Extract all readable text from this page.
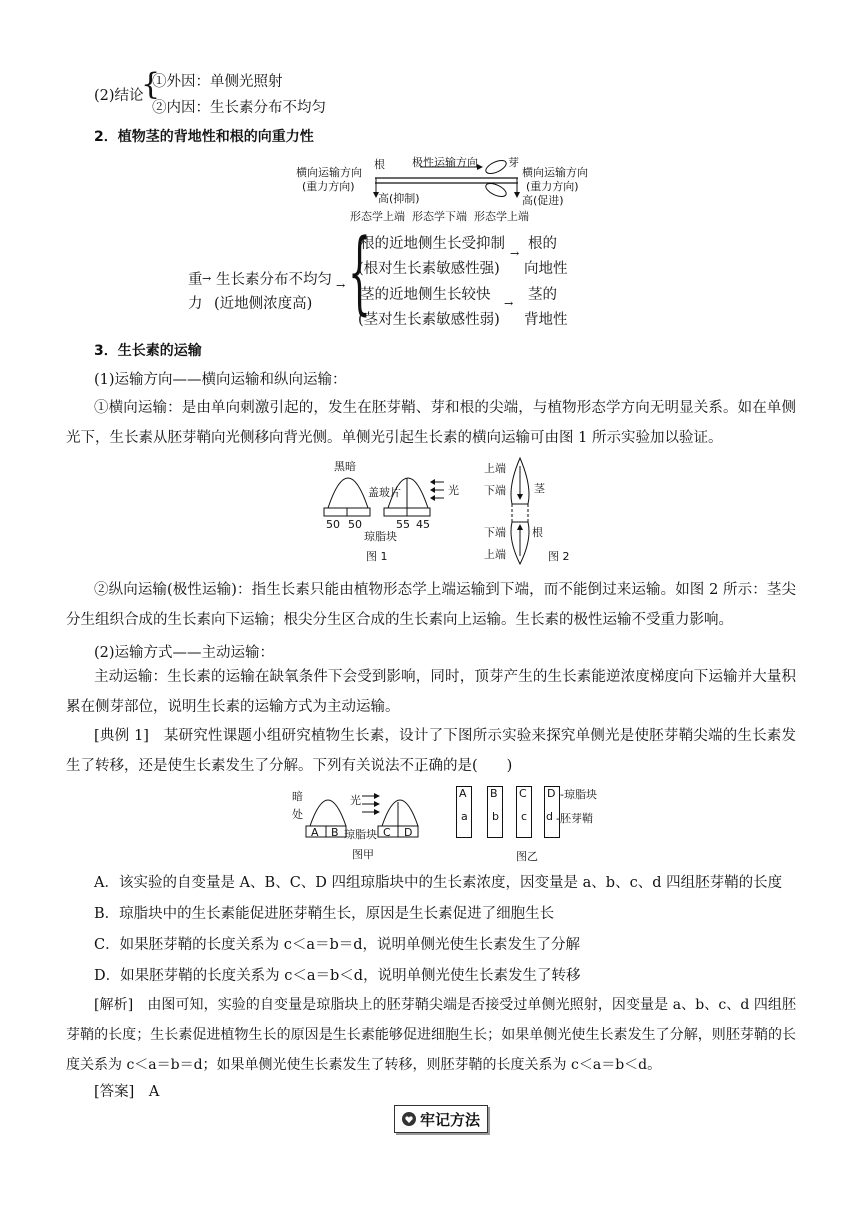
(2)结论
{
①外因：单侧光照射
②内因：生长素分布不均匀
2．植物茎的背地性和根的向重力性
横向运输方向
(重力方向)
根 极性运输方向	芽
横向运输方向
(重力方向)
高(抑制)	高(促进)
形态学上端  形态学下端  形态学上端
重
力
→ 生长素分布不均匀
(近地侧浓度高)
→ {
根的近地侧生长受抑制
(根对生长素敏感性强)
→
根的
向地性
茎的近地侧生长较快
(茎对生长素敏感性弱)
→
茎的
背地性
3．生长素的运输
(1)运输方向——横向运输和纵向运输：
①横向运输：是由单向刺激引起的，发生在胚芽鞘、芽和根的尖端，与植物形态学方向无明显关系。如在单侧光下，生长素从胚芽鞘向光侧移向背光侧。单侧光引起生长素的横向运输可由图 1 所示实验加以验证。
黑暗
盖玻片	光
50 50
琼脂块
55 45
图 1
上端
下端	茎
下端 根
上端	图 2
②纵向运输(极性运输)：指生长素只能由植物形态学上端运输到下端，而不能倒过来运输。如图 2 所示：茎尖分生组织合成的生长素向下运输；根尖分生区合成的生长素向上运输。生长素的极性运输不受重力影响。
(2)运输方式——主动运输：
主动运输：生长素的运输在缺氧条件下会受到影响，同时，顶芽产生的生长素能逆浓度梯度向下运输并大量积累在侧芽部位，说明生长素的运输方式为主动运输。
[典例 1]　 某研究性课题小组研究植物生长素，设计了下图所示实验来探究单侧光是使胚芽鞘尖端的生长素发生了转移，还是使生长素发生了分解。下列有关说法不正确的是(　　)
暗
处
光
A B 琼脂块 C D
图甲
A B C D
a b c d
-琼脂块
-胚芽鞘
图乙
A．该实验的自变量是 A、B、C、D 四组琼脂块中的生长素浓度，因变量是 a、b、c、d 四组胚芽鞘的长度
B．琼脂块中的生长素能促进胚芽鞘生长，原因是生长素促进了细胞生长
C．如果胚芽鞘的长度关系为 c＜a＝b＝d，说明单侧光使生长素发生了分解
D．如果胚芽鞘的长度关系为 c＜a＝b＜d，说明单侧光使生长素发生了转移
[解析]　 由图可知，实验的自变量是琼脂块上的胚芽鞘尖端是否接受过单侧光照射，因变量是 a、b、c、d 四组胚芽鞘的长度；生长素促进植物生长的原因是生长素能够促进细胞生长；如果单侧光使生长素发生了分解，则胚芽鞘的长度关系为 c＜a＝b＝d；如果单侧光使生长素发生了转移，则胚芽鞘的长度关系为 c＜a＝b＜d。
[答案]　 A
牢记方法
